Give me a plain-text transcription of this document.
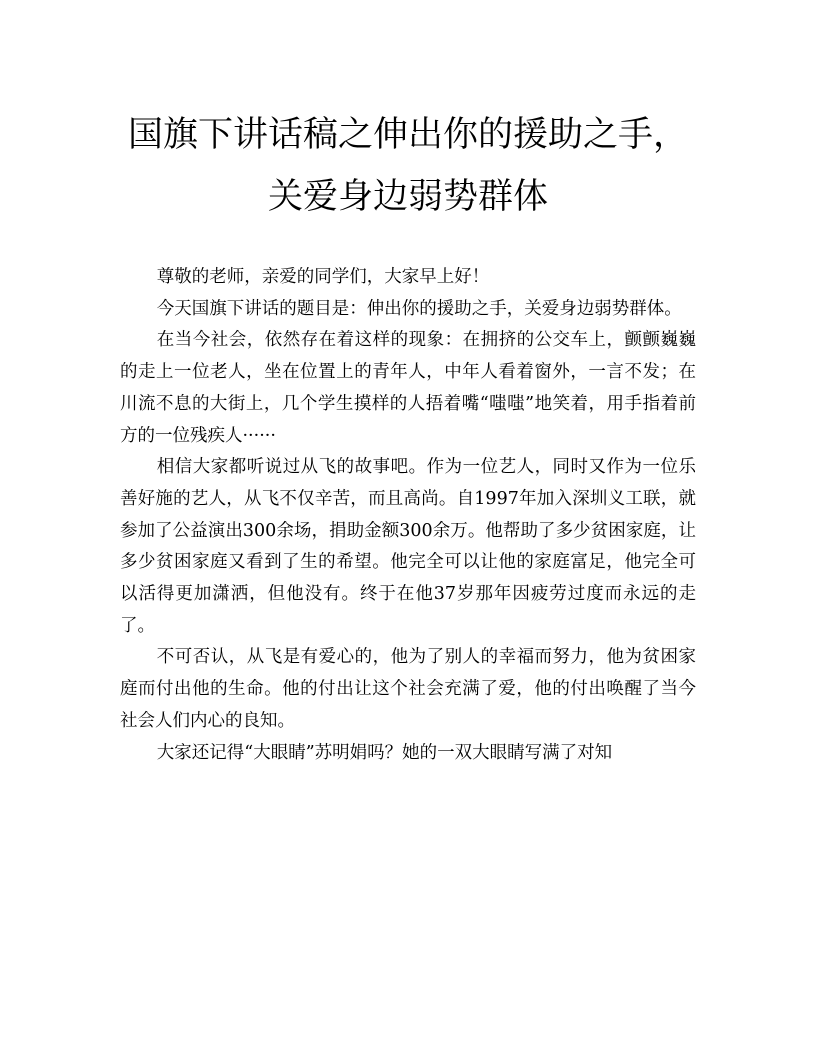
国旗下讲话稿之伸出你的援助之手，关爱身边弱势群体

尊敬的老师，亲爱的同学们，大家早上好！

今天国旗下讲话的题目是：伸出你的援助之手，关爱身边弱势群体。

在当今社会，依然存在着这样的现象：在拥挤的公交车上，颤颤巍巍的走上一位老人，坐在位置上的青年人，中年人看着窗外，一言不发；在川流不息的大街上，几个学生摸样的人捂着嘴“嗤嗤”地笑着，用手指着前方的一位残疾人······

相信大家都听说过从飞的故事吧。作为一位艺人，同时又作为一位乐善好施的艺人，从飞不仅辛苦，而且高尚。自1997年加入深圳义工联，就参加了公益演出300余场，捐助金额300余万。他帮助了多少贫困家庭，让多少贫困家庭又看到了生的希望。他完全可以让他的家庭富足，他完全可以活得更加潇洒，但他没有。终于在他37岁那年因疲劳过度而永远的走了。

不可否认，从飞是有爱心的，他为了别人的幸福而努力，他为贫困家庭而付出他的生命。他的付出让这个社会充满了爱，他的付出唤醒了当今社会人们内心的良知。

大家还记得“大眼睛”苏明娟吗？她的一双大眼睛写满了对知
